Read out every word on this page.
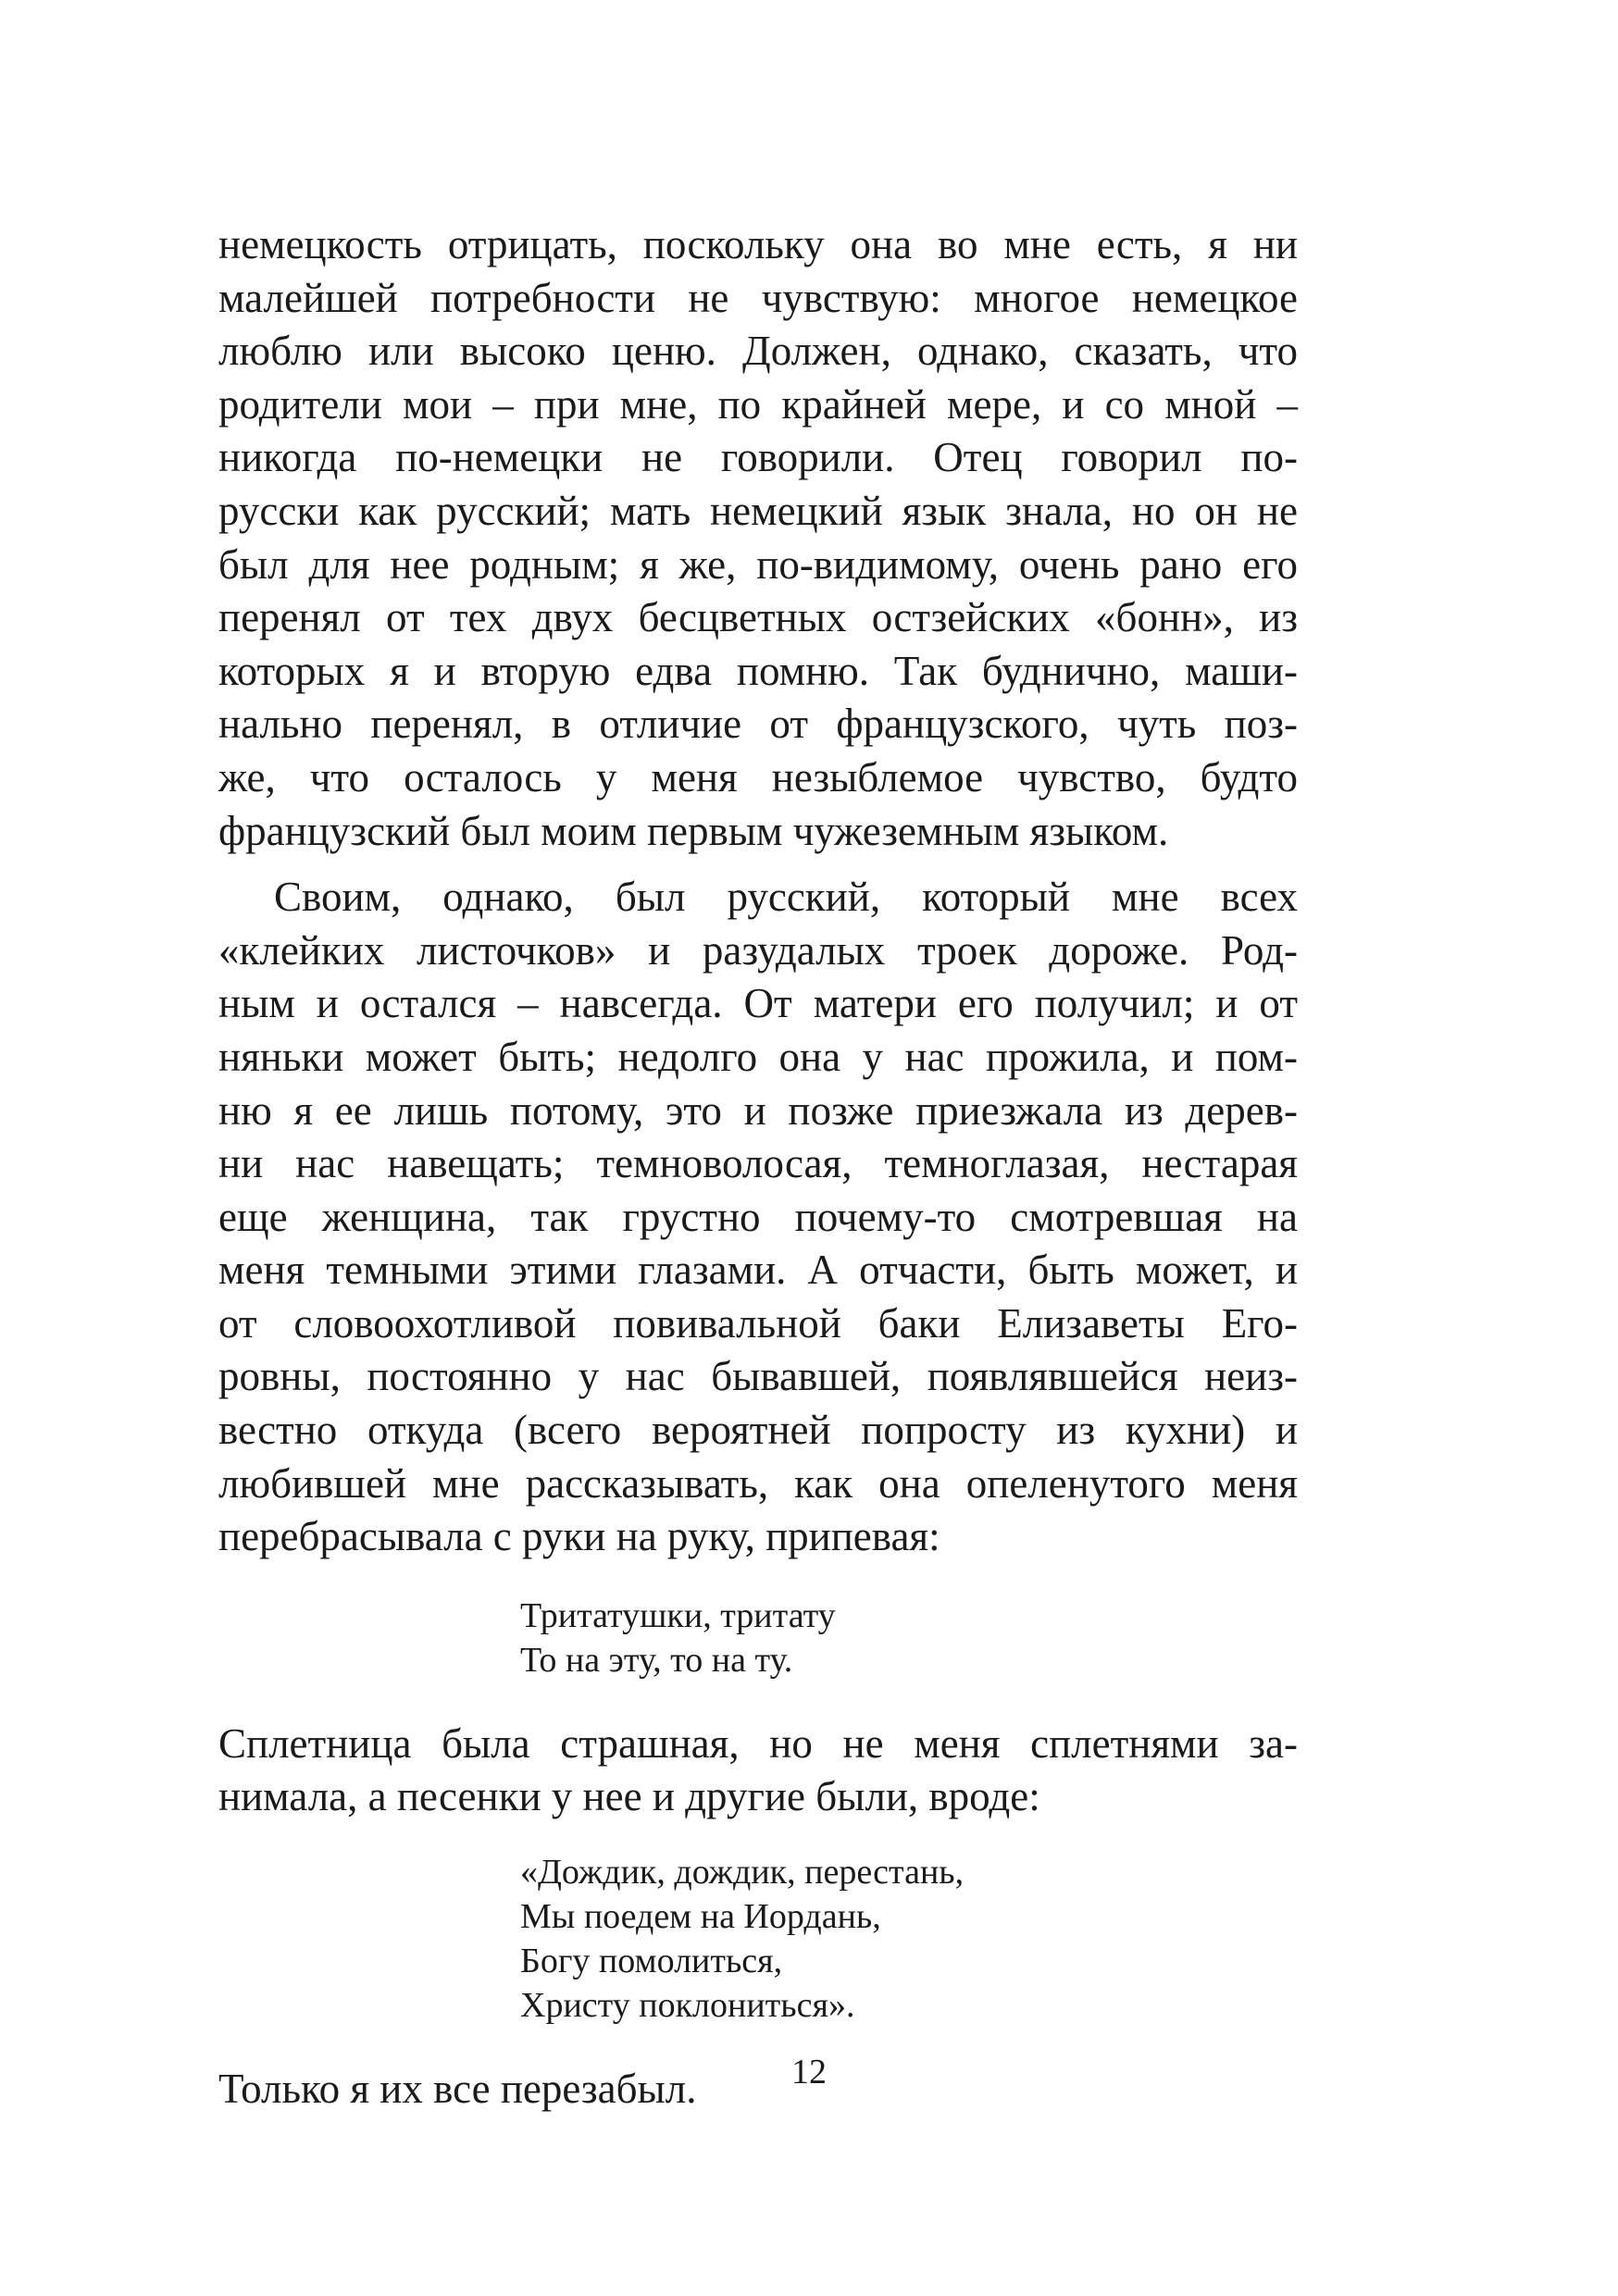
немецкость отрицать, поскольку она во мне есть, я ни
малейшей потребности не чувствую: многое немецкое
люблю или высоко ценю. Должен, однако, сказать, что
родители мои – при мне, по крайней мере, и со мной –
никогда по-немецки не говорили. Отец говорил по-
русски как русский; мать немецкий язык знала, но он не
был для нее родным; я же, по-видимому, очень рано его
перенял от тех двух бесцветных остзейских «бонн», из
которых я и вторую едва помню. Так буднично, маши-
нально перенял, в отличие от французского, чуть поз-
же, что осталось у меня незыблемое чувство, будто
французский был моим первым чужеземным языком.

Своим, однако, был русский, который мне всех
«клейких листочков» и разудалых троек дороже. Род-
ным и остался – навсегда. От матери его получил; и от
няньки может быть; недолго она у нас прожила, и пом-
ню я ее лишь потому, это и позже приезжала из дерев-
ни нас навещать; темноволосая, темноглазая, нестарая
еще женщина, так грустно почему-то смотревшая на
меня темными этими глазами. А отчасти, быть может, и
от словоохотливой повивальной баки Елизаветы Его-
ровны, постоянно у нас бывавшей, появлявшейся неиз-
вестно откуда (всего вероятней попросту из кухни) и
любившей мне рассказывать, как она опеленутого меня
перебрасывала с руки на руку, припевая:

Тритатушки, тритату
То на эту, то на ту.

Сплетница была страшная, но не меня сплетнями за-
нимала, а песенки у нее и другие были, вроде:

«Дождик, дождик, перестань,
Мы поедем на Иордань,
Богу помолиться,
Христу поклониться».

Только я их все перезабыл.	12
